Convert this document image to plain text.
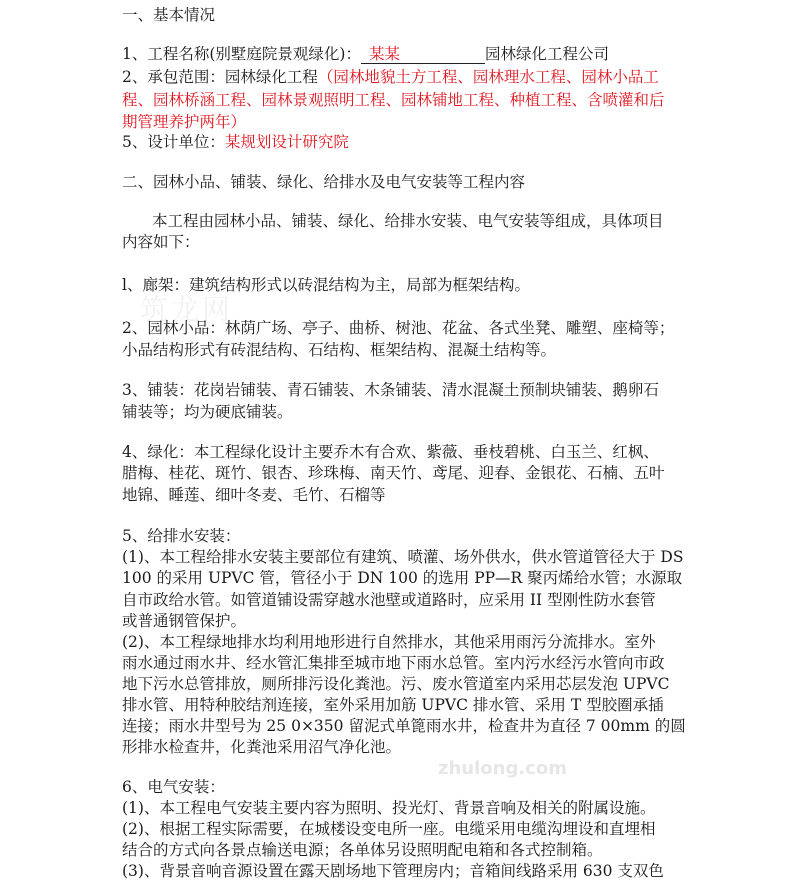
筑龙网
zhulong.com
一、基本情况
1、工程名称(别墅庭院景观绿化)： 某某	园林绿化工程公司
2、承包范围：园林绿化工程（园林地貌土方工程、园林理水工程、园林小品工
程、园林桥涵工程、园林景观照明工程、园林铺地工程、种植工程、含喷灌和后
期管理养护两年）
5、设计单位：某规划设计研究院
二、园林小品、铺装、绿化、给排水及电气安装等工程内容
本工程由园林小品、铺装、绿化、给排水安装、电气安装等组成，具体项目
内容如下：
l、廊架：建筑结构形式以砖混结构为主，局部为框架结构。
2、园林小品：林荫广场、亭子、曲桥、树池、花盆、各式坐凳、雕塑、座椅等；
小品结构形式有砖混结构、石结构、框架结构、混凝土结构等。
3、铺装：花岗岩铺装、青石铺装、木条铺装、清水混凝土预制块铺装、鹅卵石
铺装等；均为硬底铺装。
4、绿化：本工程绿化设计主要乔木有合欢、紫薇、垂枝碧桃、白玉兰、红枫、
腊梅、桂花、斑竹、银杏、珍珠梅、南天竹、鸢尾、迎春、金银花、石楠、五叶
地锦、睡莲、细叶冬麦、毛竹、石榴等
5、给排水安装：
(1)、本工程给排水安装主要部位有建筑、喷灌、场外供水，供水管道管径大于 DS
100 的采用 UPVC 管，管径小于 DN 100 的选用 PP—R 聚丙烯给水管；水源取
自市政给水管。如管道铺设需穿越水池壁或道路时，应采用 II 型刚性防水套管
或普通钢管保护。
(2)、本工程绿地排水均利用地形进行自然排水，其他采用雨污分流排水。室外
雨水通过雨水井、经水管汇集排至城市地下雨水总管。室内污水经污水管向市政
地下污水总管排放，厕所排污设化粪池。污、废水管道室内采用芯层发泡 UPVC
排水管、用特种胶结剂连接，室外采用加筋 UPVC 排水管、采用 T 型胶圈承插
连接；雨水井型号为 25 0×350 留泥式单篦雨水井，检查井为直径 7 00mm 的圆
形排水检查井，化粪池采用沼气净化池。
6、电气安装：
(1)、本工程电气安装主要内容为照明、投光灯、背景音响及相关的附属设施。
(2)、根据工程实际需要，在城楼设变电所一座。电缆采用电缆沟埋设和直埋相
结合的方式向各景点输送电源；各单体另设照明配电箱和各式控制箱。
(3)、背景音响音源设置在露天剧场地下管理房内；音箱间线路采用 630 支双色
